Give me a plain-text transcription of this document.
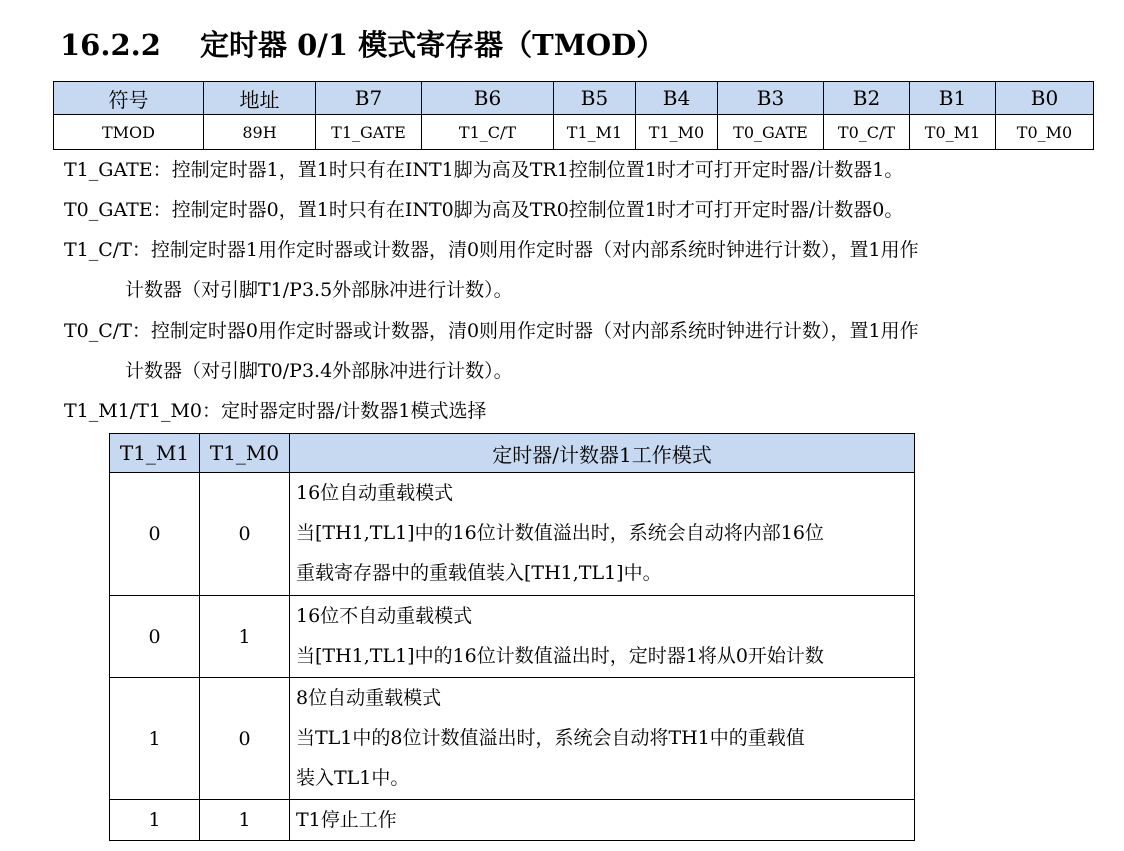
16.2.2 定时器 0/1 模式寄存器（TMOD）
符号	地址	B7	B6	B5	B4	B3	B2	B1	B0
TMOD	89H	T1_GATE	T1_C/T	T1_M1	T1_M0	T0_GATE	T0_C/T	T0_M1	T0_M0
T1_GATE：控制定时器1，置1时只有在INT1脚为高及TR1控制位置1时才可打开定时器/计数器1。
T0_GATE：控制定时器0，置1时只有在INT0脚为高及TR0控制位置1时才可打开定时器/计数器0。
T1_C/T：控制定时器1用作定时器或计数器，清0则用作定时器（对内部系统时钟进行计数），置1用作
计数器（对引脚T1/P3.5外部脉冲进行计数）。
T0_C/T：控制定时器0用作定时器或计数器，清0则用作定时器（对内部系统时钟进行计数），置1用作
计数器（对引脚T0/P3.4外部脉冲进行计数）。
T1_M1/T1_M0：定时器定时器/计数器1模式选择
T1_M1	T1_M0	定时器/计数器1工作模式
0	0	16位自动重载模式
当[TH1,TL1]中的16位计数值溢出时，系统会自动将内部16位
重载寄存器中的重载值装入[TH1,TL1]中。

0	1	16位不自动重载模式
当[TH1,TL1]中的16位计数值溢出时，定时器1将从0开始计数

1	0	8位自动重载模式
当TL1中的8位计数值溢出时，系统会自动将TH1中的重载值
装入TL1中。

1	1	T1停止工作
